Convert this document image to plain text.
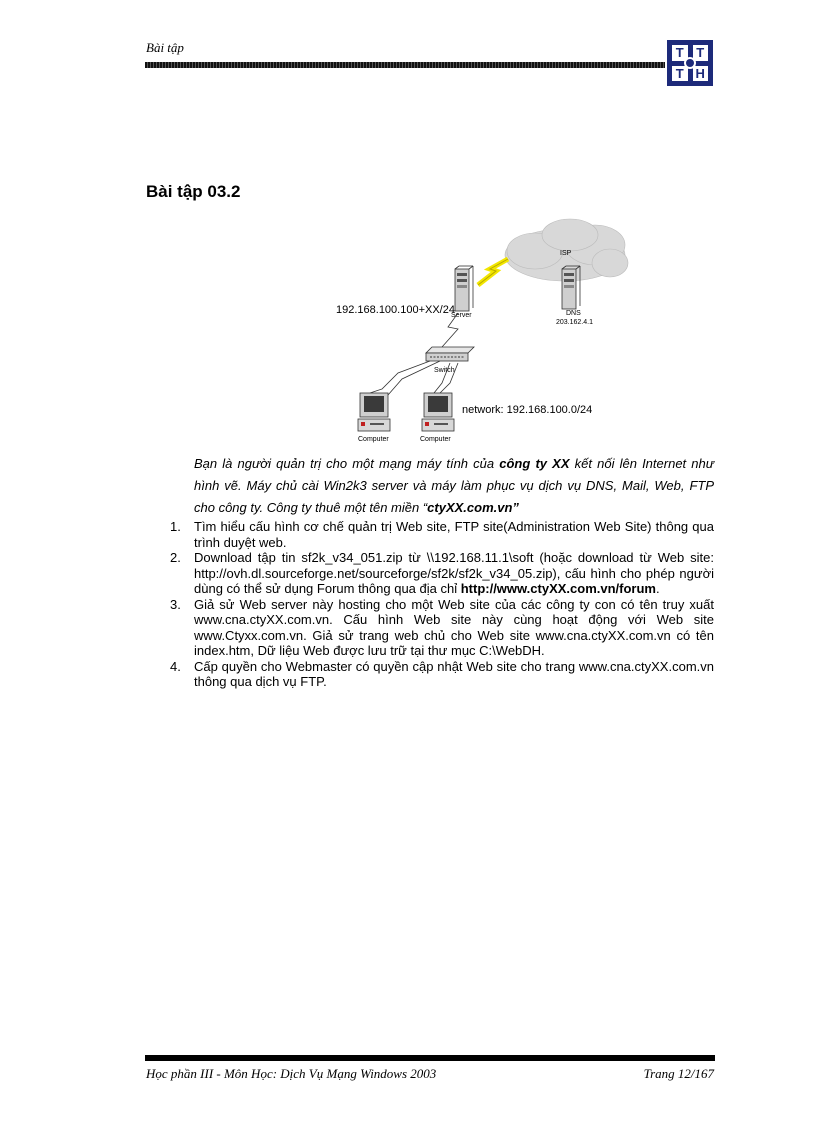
Bài tập	T T
T H
Bài tập 03.2
ISP
Server
192.168.100.100+XX/24	DNS
203.162.4.1
Switch
Computer	Computer
network: 192.168.100.0/24

Bạn là người quản trị cho một mạng máy tính của công ty XX kết nối lên Internet như hình vẽ. Máy chủ cài Win2k3 server và máy làm phục vụ dịch vụ DNS, Mail, Web, FTP cho công ty. Công ty thuê một tên miền “ctyXX.com.vn”

1. Tìm hiểu cấu hình cơ chế quản trị Web site, FTP site(Administration Web Site) thông qua trình duyệt web.
2. Download tập tin sf2k_v34_051.zip từ \\192.168.11.1\soft (hoặc download từ Web site: http://ovh.dl.sourceforge.net/sourceforge/sf2k/sf2k_v34_05.zip), cấu hình cho phép người dùng có thể sử dụng Forum thông qua địa chỉ http://www.ctyXX.com.vn/forum.
3. Giả sử Web server này hosting cho một Web site của các công ty con có tên truy xuất www.cna.ctyXX.com.vn. Cấu hình Web site này cùng hoạt động với Web site www.Ctyxx.com.vn. Giả sử trang web chủ cho Web site www.cna.ctyXX.com.vn có tên index.htm, Dữ liệu Web được lưu trữ tại thư mục C:\WebDH.
4. Cấp quyền cho Webmaster có quyền cập nhật Web site cho trang www.cna.ctyXX.com.vn thông qua dịch vụ FTP.
Học phần III - Môn Học: Dịch Vụ Mạng Windows 2003	Trang 12/167
